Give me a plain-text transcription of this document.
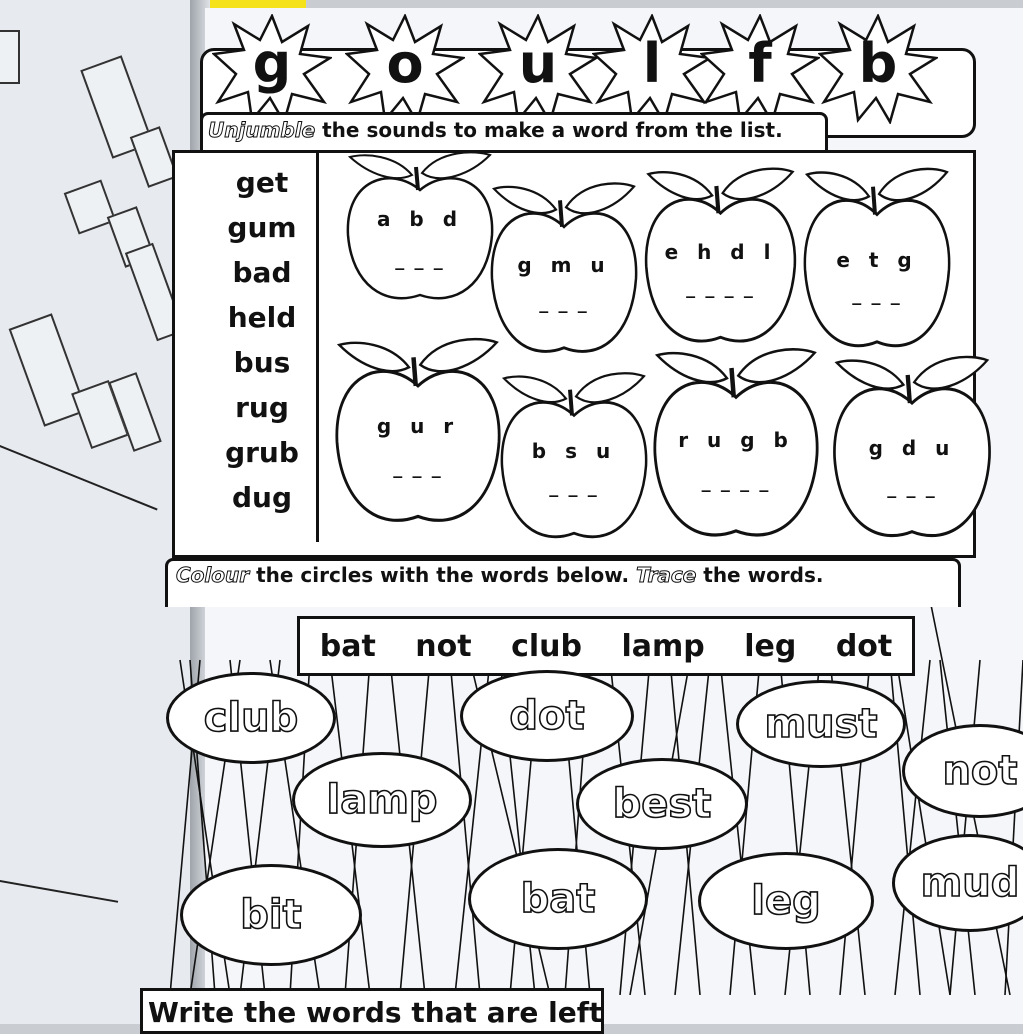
g	o	u	l	f	b
Unjumble the sounds to make a word from the list.
get
gum
bad
held
bus
rug
grub
dug
a b d
_ _ _	g m u
_ _ _
e h d l
_ _ _ _
e t g
_ _ _
g u r
_ _ _
b s u
_ _ _
r u g b
_ _ _ _
g d u
_ _ _
Colour the circles with the words below. Trace the words.
bat not club lamp leg dot
club	dot	must
not
lamp	best
bit	bat	leg mud
Write the words that are left
